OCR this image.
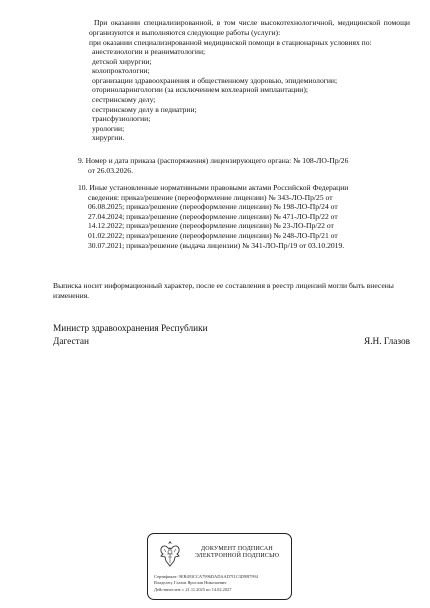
При оказании специализированной, в том числе высокотехнологичной, медицинской помощи организуются и выполняются следующие работы (услуги):
при оказании специализированной медицинской помощи в стационарных условиях по:
анестезиологии и реаниматологии;
детской хирургии;
колопроктологии;
организации здравоохранения и общественному здоровью, эпидемиологии;
оториноларингологии (за исключением кохлеарной имплантации);
сестринскому делу;
сестринскому делу в педиатрии;
трансфузиологии;
урологии;
хирургии.
9. Номер и дата приказа (распоряжения) лицензирующего органа: № 108-ЛО-Пр/26
от 26.03.2026.
10. Иные установленные нормативными правовыми актами Российской Федерации
сведения: приказ/решение (переоформление лицензии) № 343-ЛО-Пр/25 от
06.08.2025; приказ/решение (переоформление лицензии) № 198-ЛО-Пр/24 от
27.04.2024; приказ/решение (переоформление лицензии) № 471-ЛО-Пр/22 от
14.12.2022; приказ/решение (переоформление лицензии) № 23-ЛО-Пр/22 от
01.02.2022; приказ/решение (переоформление лицензии) № 248-ЛО-Пр/21 от
30.07.2021; приказ/решение (выдача лицензии) № 341-ЛО-Пр/19 от 03.10.2019.
Выписка носит информационный характер, после ее составления в реестр лицензий могли быть внесены изменения.
Министр здравоохранения Республики
Дагестан	Я.Н. Глазов
ДОКУМЕНТ ПОДПИСАН
ЭЛЕКТРОННОЙ ПОДПИСЬЮ
Сертификат: 9EB493CCA7996DADAAD7I1C3D9B7994
Владелец: Глазов Ярослав Николаевич
Действителен: с 21.11.2025 по 14.02.2027
